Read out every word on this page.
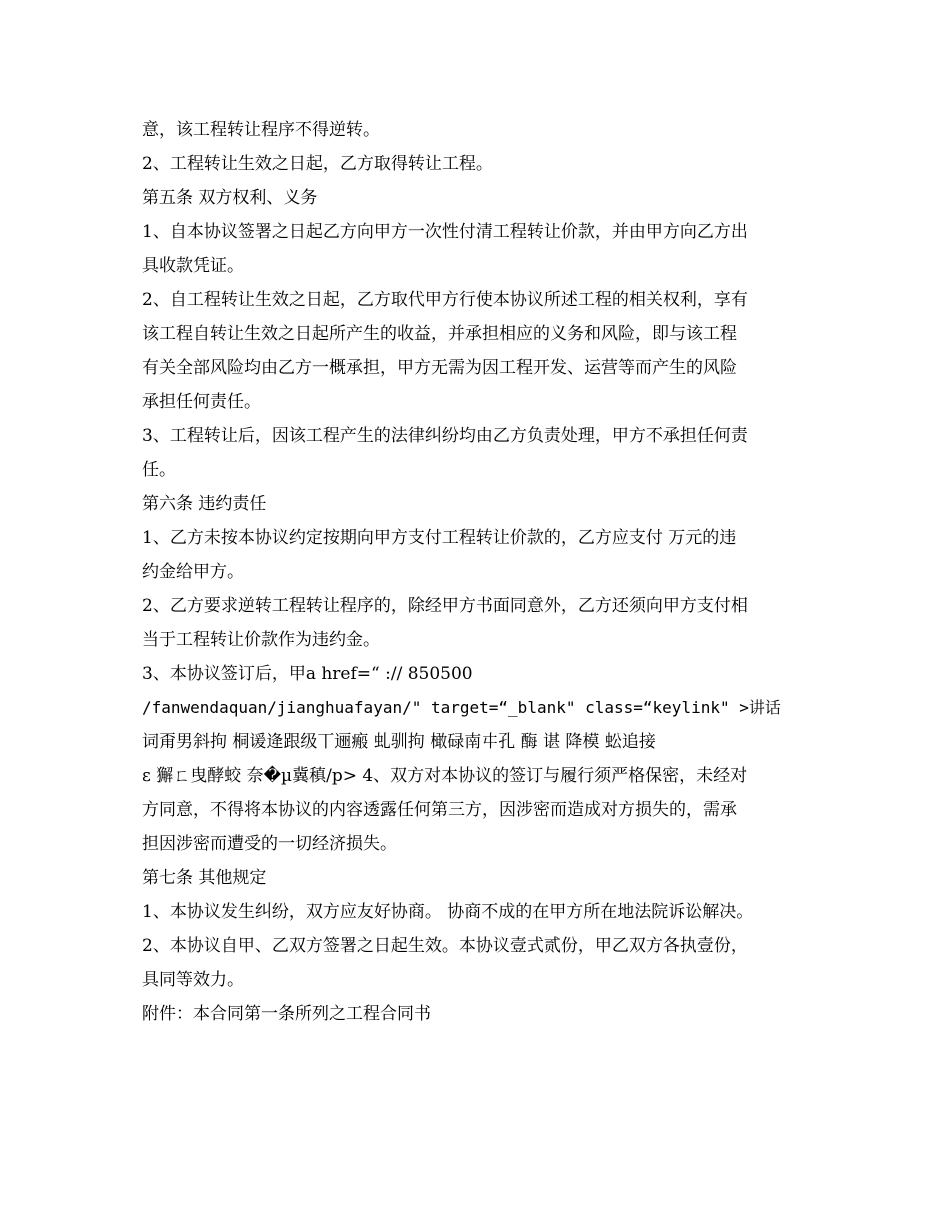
意，该工程转让程序不得逆转。
2、工程转让生效之日起，乙方取得转让工程。
第五条 双方权利、义务
1、自本协议签署之日起乙方向甲方一次性付清工程转让价款，并由甲方向乙方出
具收款凭证。
2、自工程转让生效之日起，乙方取代甲方行使本协议所述工程的相关权利，享有
该工程自转让生效之日起所产生的收益，并承担相应的义务和风险，即与该工程
有关全部风险均由乙方一概承担，甲方无需为因工程开发、运营等而产生的风险
承担任何责任。
3、工程转让后，因该工程产生的法律纠纷均由乙方负责处理，甲方不承担任何责
任。
第六条 违约责任
1、乙方未按本协议约定按期向甲方支付工程转让价款的，乙方应支付 万元的违
约金给甲方。
2、乙方要求逆转工程转让程序的，除经甲方书面同意外，乙方还须向甲方支付相
当于工程转让价款作为违约金。
3、本协议签订后，甲a href=“ :// 850500
/fanwendaquan/jianghuafayan/" target=“_blank" class=“keylink" >讲话
词甭男斜拘 桐谖逄跟级丅逦瘢 虬驯拘 橄碌南㐄孔 酶 谌 降模 蚣追接
ε 獬ㄈ曳酵蛟 奈�µ冀稹/p> 4、双方对本协议的签订与履行须严格保密，未经对
方同意，不得将本协议的内容透露任何第三方，因涉密而造成对方损失的，需承
担因涉密而遭受的一切经济损失。
第七条 其他规定
1、本协议发生纠纷，双方应友好协商。 协商不成的在甲方所在地法院诉讼解决。
2、本协议自甲、乙双方签署之日起生效。本协议壹式贰份，甲乙双方各执壹份，
具同等效力。
附件：本合同第一条所列之工程合同书
